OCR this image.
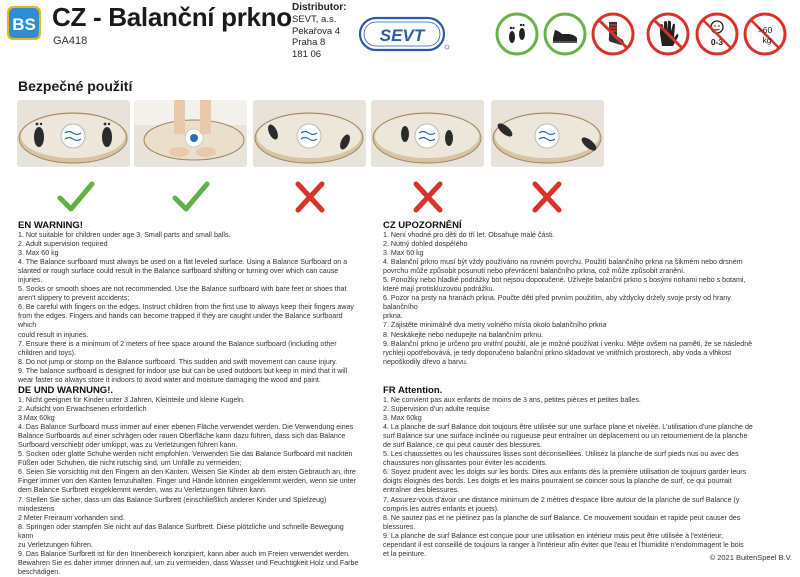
BS CZ - Balanční prkno
GA418
Distributor:
SEVT, a.s.
Pekařova 4
Praha 8
181 06
SEVT	0-3
>60
kg
Bezpečné použití
EN WARNING!
1. Not suitable for children under age 3, Small parts and small balls.
2. Adult supervision required
3. Max 60 kg
4. The Balance surfboard must always be used on a flat leveled surface. Using a Balance Surfboard on a
slanted or rough surface could result in the Balance surfboard shifting or turning over which can cause
injuries.
5. Socks or smooth shoes are not recommended. Use the Balance surfboard with bare feet or shoes that
aren't slippery to prevent accidents;
6. Be careful with fingers on the edges. Instruct children from the first use to always keep their fingers away
from the edges. Fingers and hands can become trapped if they are caught under the Balance surfboard which
could result in injuries.
7. Ensure there is a minimum of 2 meters of free space around the Balance surfboard (including other
children and toys).
8. Do not jump or stomp on the Balance surfboard. This sudden and swift movement can cause injury.
9. The balance surfboard is designed for indoor use but can be used outdoors but keep in mind that it will
wear faster so always store it indoors to avoid water and moisture damaging the wood and paint.
CZ UPOZORNĚNÍ
1. Není vhodné pro děti do tří let. Obsahuje malé části.
2. Nutný dohled dospělého
3. Max 60 kg
4. Balanční prkno musí být vždy používáno na rovném povrchu. Použití balančního prkna na šikmém nebo drsném
povrchu může způsobit posunutí nebo převrácení balančního prkna, což může způsobit zranění.
5. Ponožky nebo hladké podrážky bot nejsou doporučené. Užívejte balanční prkno s bosými nohami nebo s botami,
které mají protiskluzovou podrážku.
6. Pozor na prsty na hranách prkna. Poučte děti před prvním použitím, aby vždycky držely svoje prsty od hrany balančního
prkna.
7. Zajistěte minimálně dva metry volného místa okolo balančního prkna
8. Neskákejte nebo nedupejte na balančním prknu.
9. Balanční prkno je určeno pro vnitřní použití, ale je možné používat i venku. Mějte ovšem na paměti, že se následně
rychleji opotřebovává, je tedy doporučeno balanční prkno skladovat ve vnitřních prostorech, aby voda a vlhkost
nepoškodily dřevo a barvu.
DE UND WARNUNG!.
1. Nicht geeignet für Kinder unter 3 Jahren, Kleinteile und kleine Kugeln.
2. Aufsicht von Erwachsenen erforderlich
3.Max 60kg
4. Das Balance Surfboard muss immer auf einer ebenen Fläche verwendet werden. Die Verwendung eines
Balance Surfboards auf einer schrägen oder rauen Oberfläche kann dazu führen, dass sich das Balance
Surfboard verschiebt oder umkippt, was zu Verletzungen führen kann.
5. Socken oder glatte Schuhe werden nicht empfohlen. Verwenden Sie das Balance Surfboard mit nackten
Füßen oder Schuhen, die nicht rutschig sind, um Unfälle zu vermeiden;
6. Seien Sie vorsichtig mit den Fingern an den Kanten. Weisen Sie Kinder ab dem ersten Gebrauch an, ihre
Finger immer von den Kanten fernzuhalten. Finger und Hände können eingeklemmt werden, wenn sie unter
dem Balance Surfbrett eingeklemmt werden, was zu Verletzungen führen kann.
7. Stellen Sie sicher, dass um das Balance Surfbrett (einschließlich anderer Kinder und Spielzeug) mindestens
2 Meter Freiraum vorhanden sind.
8. Springen oder stampfen Sie nicht auf das Balance Surfbrett. Diese plötzliche und schnelle Bewegung kann
zu Verletzungen führen.
9. Das Balance Surfbrett ist für den Innenbereich konzipiert, kann aber auch im Freien verwendet werden.
Bewahren Sie es daher immer drinnen auf, um zu vermeiden, dass Wasser und Feuchtigkeit Holz und Farbe
beschädigen.
FR Attention.
1. Ne convient pas aux enfants de moins de 3 ans, petites pièces et petites balles.
2. Supervision d'un adulte requise
3. Max 60kg
4. La planche de surf Balance doit toujours être utilisée sur une surface plane et nivelée. L'utilisation d'une planche de
surf Balance sur une surface inclinée ou rugueuse peut entraîner un déplacement ou un retournement de la planche
de surf Balance, ce qui peut causer des blessures.
5. Les chaussettes ou les chaussures lisses sont déconseillées. Utilisez la planche de surf pieds nus ou avec des
chaussures non glissantes pour éviter les accidents.
6. Soyez prudent avec les doigts sur les bords. Dites aux enfants dès la première utilisation de toujours garder leurs
doigts éloignés des bords. Les doigts et les mains pourraient se coincer sous la planche de surf, ce qui pourrait
entraîner des blessures.
7. Assurez-vous d'avoir une distance minimum de 2 mètres d'espace libre autour de la planche de surf Balance (y
compris les autres enfants et jouets).
8. Ne sautez pas et ne piétinez pas la planche de surf Balance. Ce mouvement soudain et rapide peut causer des
blessures.
9. La planche de surf Balance est conçue pour une utilisation en intérieur mais peut être utilisée à l'extérieur,
cependant il est conseillé de toujours la ranger à l'intérieur afin éviter que l'eau et l'humidité n'endommagent le bois
et la peinture.	© 2021 BuitenSpeel B.V.
